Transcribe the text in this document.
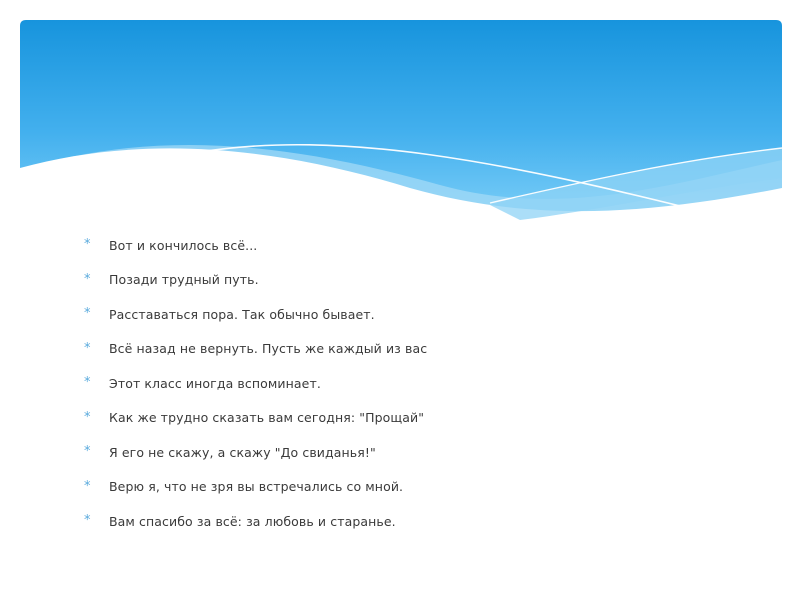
* Вот и кончилось всё...
* Позади трудный путь.
* Расставаться пора. Так обычно бывает.
* Всё назад не вернуть. Пусть же каждый из вас
* Этот класс иногда вспоминает.
* Как же трудно сказать вам сегодня: "Прощай"
* Я его не скажу, а скажу "До свиданья!"
* Верю я, что не зря вы встречались со мной.
* Вам спасибо за всё: за любовь и старанье.
